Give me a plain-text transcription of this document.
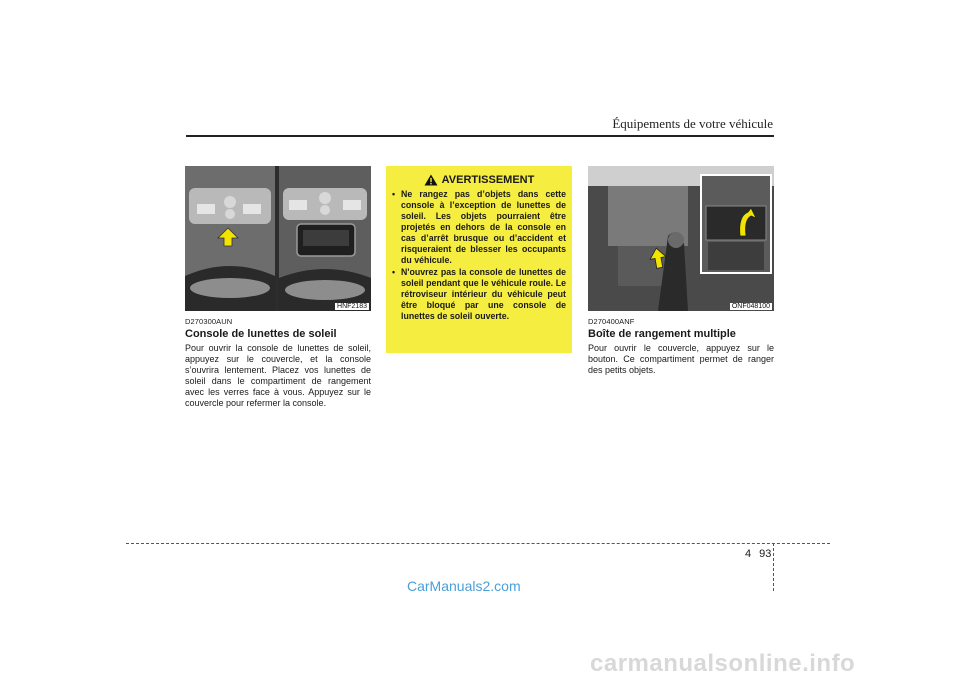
Équipements de votre véhicule
HNF2183
D270300AUN
Console de lunettes de soleil
Pour ouvrir la console de lunettes de soleil, appuyez sur le couvercle, et la console s’ouvrira lentement. Placez vos lunettes de soleil dans le compartiment de rangement avec les verres face à vous. Appuyez sur le couvercle pour refermer la console.
AVERTISSEMENT
• Ne rangez pas d’objets dans cette console à l’exception de lunettes de soleil. Les objets pourraient être projetés en dehors de la console en cas d’arrêt brusque ou d’accident et risqueraient de blesser les occupants du véhicule.
• N'ouvrez pas la console de lunettes de soleil pendant que le véhicule roule. Le rétroviseur intérieur du véhicule peut être bloqué par une console de lunettes de soleil ouverte.
ONF048100
D270400ANF
Boîte de rangement multiple
Pour ouvrir le couvercle, appuyez sur le bouton. Ce compartiment permet de ranger des petits objets.
4 93
CarManuals2.com
carmanualsonline.info
